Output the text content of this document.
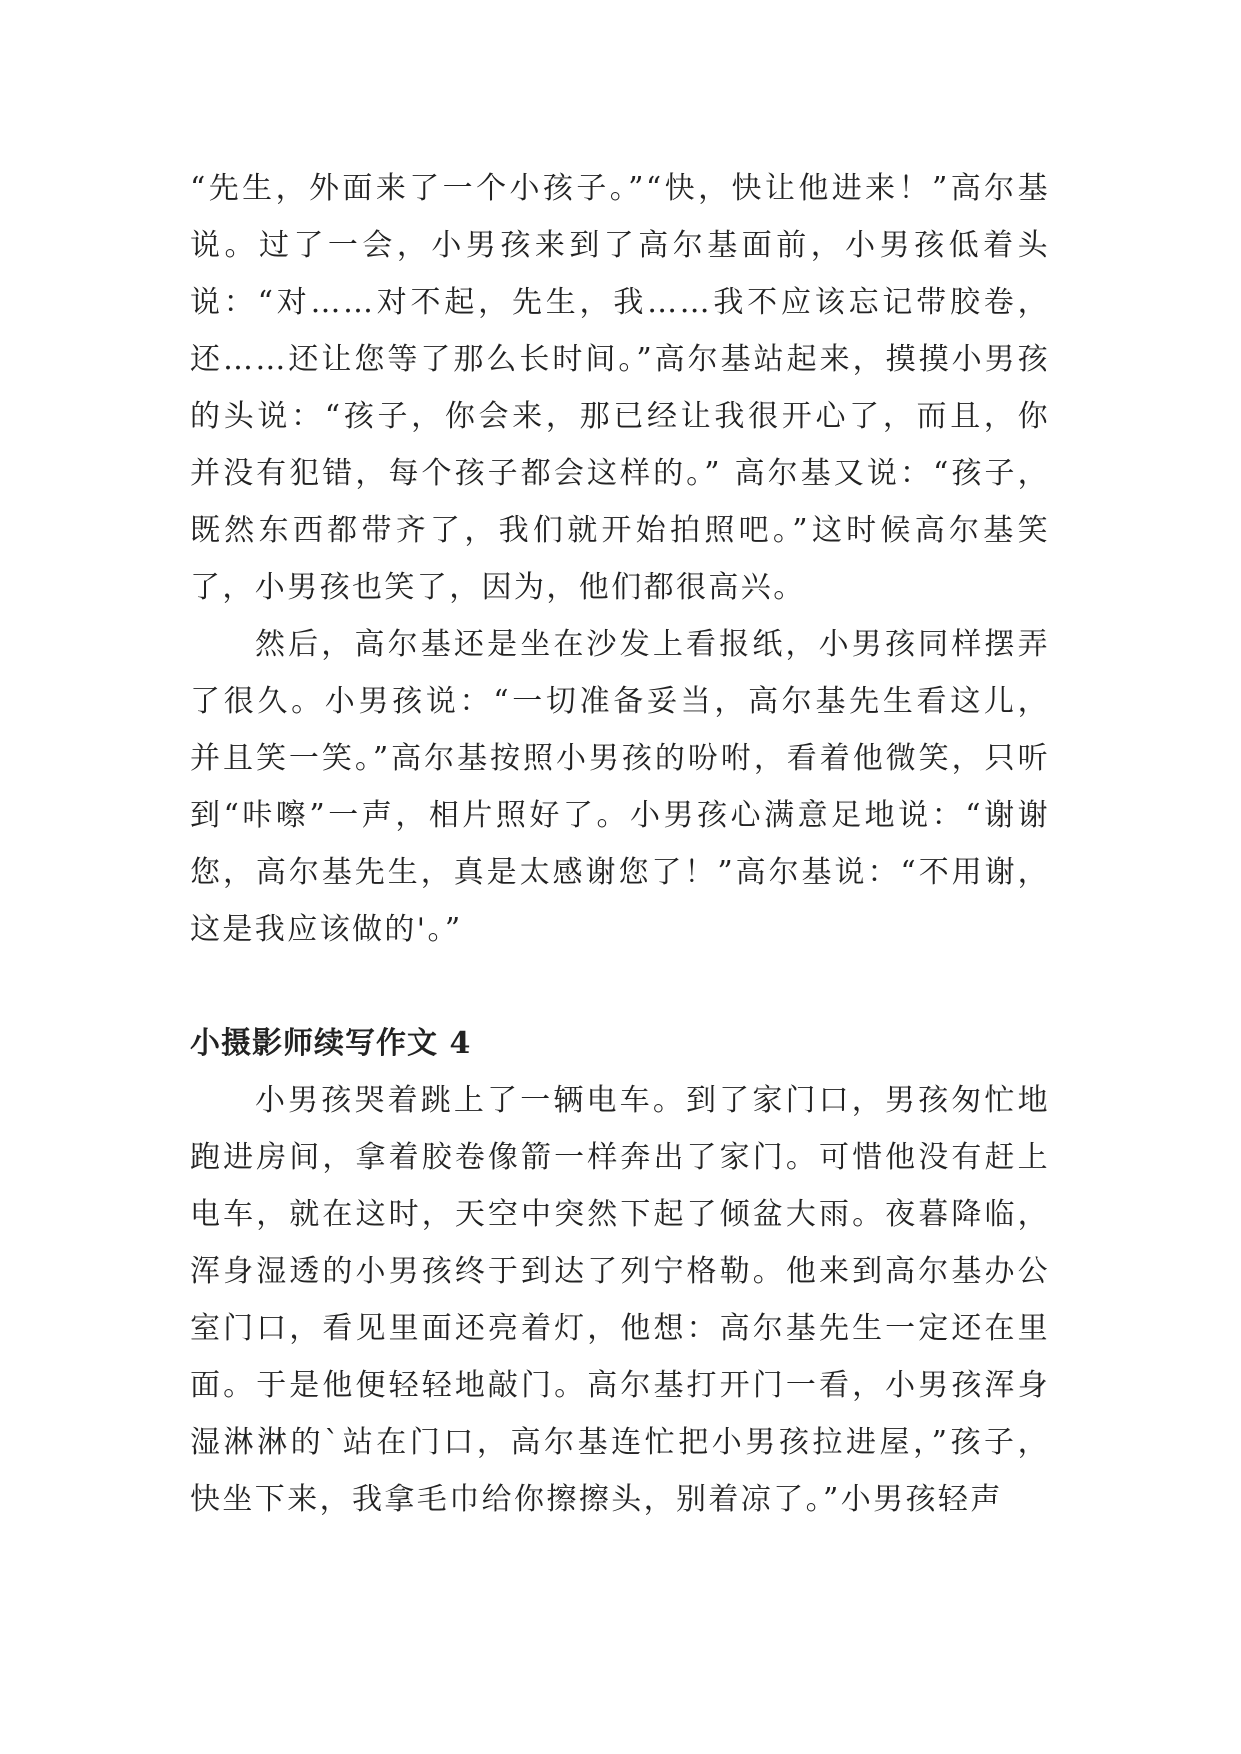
“先生，外面来了一个小孩子。”“快，快让他进来！”高尔基说。过了一会，小男孩来到了高尔基面前，小男孩低着头说：“对……对不起，先生，我……我不应该忘记带胶卷，还……还让您等了那么长时间。”高尔基站起来，摸摸小男孩的头说：“孩子，你会来，那已经让我很开心了，而且，你并没有犯错，每个孩子都会这样的。” 高尔基又说：“孩子，既然东西都带齐了，我们就开始拍照吧。”这时候高尔基笑了，小男孩也笑了，因为，他们都很高兴。

然后，高尔基还是坐在沙发上看报纸，小男孩同样摆弄了很久。小男孩说：“一切准备妥当，高尔基先生看这儿，并且笑一笑。”高尔基按照小男孩的吩咐，看着他微笑，只听到“咔嚓”一声，相片照好了。小男孩心满意足地说：“谢谢您，高尔基先生，真是太感谢您了！”高尔基说：“不用谢，这是我应该做的'。”

小摄影师续写作文 4

小男孩哭着跳上了一辆电车。到了家门口，男孩匆忙地跑进房间，拿着胶卷像箭一样奔出了家门。可惜他没有赶上电车，就在这时，天空中突然下起了倾盆大雨。夜暮降临，浑身湿透的小男孩终于到达了列宁格勒。他来到高尔基办公室门口，看见里面还亮着灯，他想：高尔基先生一定还在里面。于是他便轻轻地敲门。高尔基打开门一看，小男孩浑身湿淋淋的`站在门口，高尔基连忙把小男孩拉进屋，”孩子，快坐下来，我拿毛巾给你擦擦头，别着凉了。”小男孩轻声
